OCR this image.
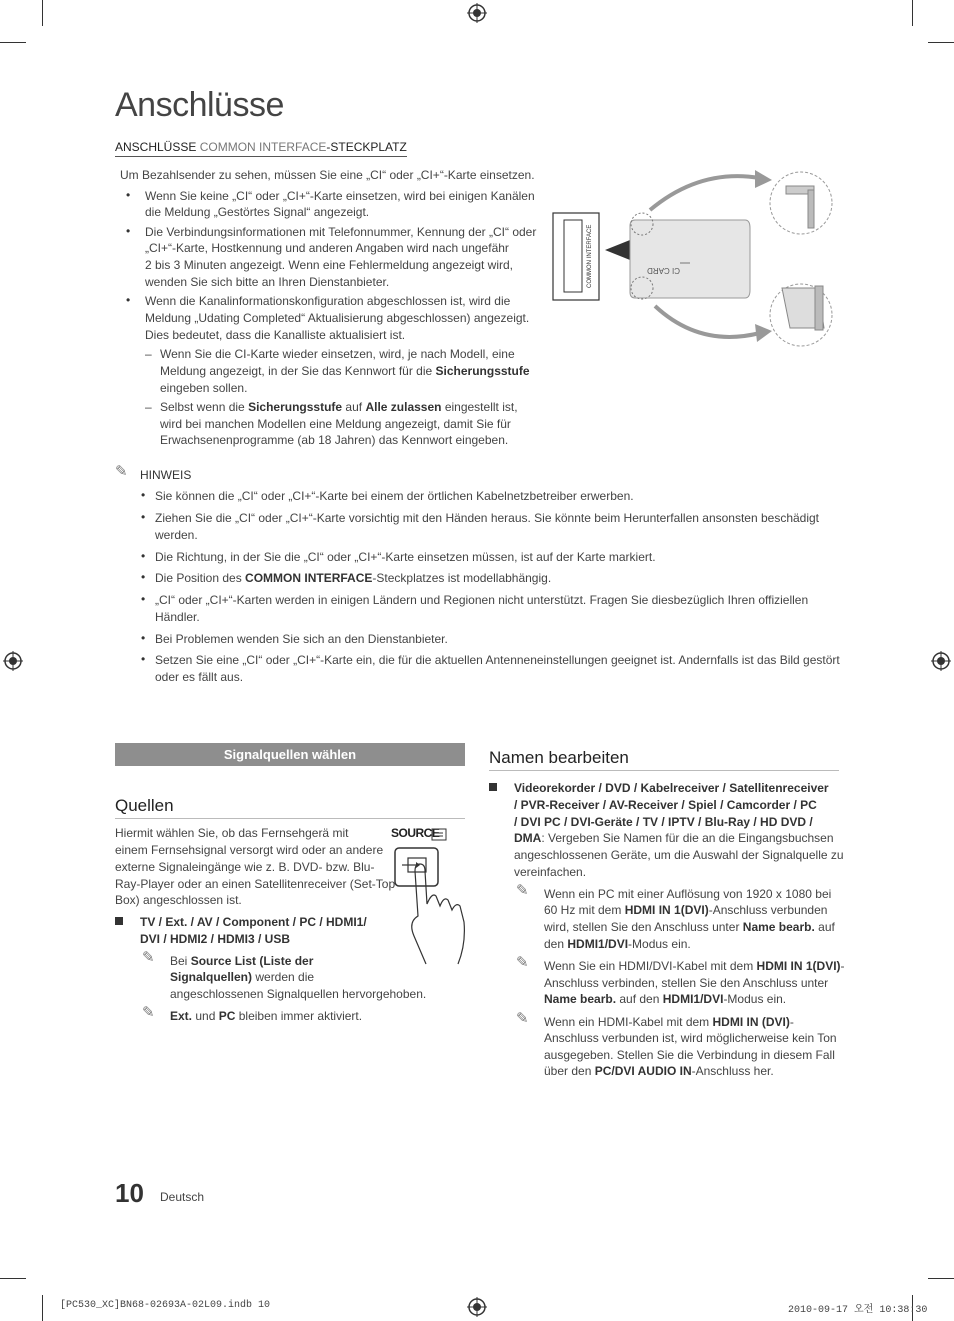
Anschlüsse
ANSCHLÜSSE COMMON INTERFACE-STECKPLATZ
Um Bezahlsender zu sehen, müssen Sie eine „CI“ oder „CI+“-Karte einsetzen.
• Wenn Sie keine „CI“ oder „CI+“-Karte einsetzen, wird bei einigen Kanälen
die Meldung „Gestörtes Signal“ angezeigt.
• Die Verbindungsinformationen mit Telefonnummer, Kennung der „CI“ oder
„CI+“-Karte, Hostkennung und anderen Angaben wird nach ungefähr
2 bis 3 Minuten angezeigt. Wenn eine Fehlermeldung angezeigt wird,
wenden Sie sich bitte an Ihren Dienstanbieter.
• Wenn die Kanalinformationskonfiguration abgeschlossen ist, wird die
Meldung „Udating Completed“ Aktualisierung abgeschlossen) angezeigt.
Dies bedeutet, dass die Kanalliste aktualisiert ist.
– Wenn Sie die CI-Karte wieder einsetzen, wird, je nach Modell, eine
Meldung angezeigt, in der Sie das Kennwort für die Sicherungsstufe
eingeben sollen.
– Selbst wenn die Sicherungsstufe auf Alle zulassen eingestellt ist,
wird bei manchen Modellen eine Meldung angezeigt, damit Sie für
Erwachsenenprogramme (ab 18 Jahren) das Kennwort eingeben.
COMMON INTERFACE	CI CARD
✎ HINWEIS
• Sie können die „CI“ oder „CI+“-Karte bei einem der örtlichen Kabelnetzbetreiber erwerben.
• Ziehen Sie die „CI“ oder „CI+“-Karte vorsichtig mit den Händen heraus. Sie könnte beim Herunterfallen ansonsten beschädigt
werden.
• Die Richtung, in der Sie die „CI“ oder „CI+“-Karte einsetzen müssen, ist auf der Karte markiert.
• Die Position des COMMON INTERFACE-Steckplatzes ist modellabhängig.
• „CI“ oder „CI+“-Karten werden in einigen Ländern und Regionen nicht unterstützt. Fragen Sie diesbezüglich Ihren offiziellen
Händler.
• Bei Problemen wenden Sie sich an den Dienstanbieter.
• Setzen Sie eine „CI“ oder „CI+“-Karte ein, die für die aktuellen Antenneneinstellungen geeignet ist. Andernfalls ist das Bild gestört
oder es fällt aus.
Signalquellen wählen
Quellen
Hiermit wählen Sie, ob das Fernsehgerä mit
einem Fernsehsignal versorgt wird oder an andere
externe Signaleingänge wie z. B. DVD- bzw. Blu-
Ray-Player oder an einen Satellitenreceiver (Set-Top
Box) angeschlossen ist.
SOURCE
TV / Ext. / AV / Component / PC / HDMI1/
DVI / HDMI2 / HDMI3 / USB
✎ Bei Source List (Liste der
Signalquellen) werden die
angeschlossenen Signalquellen hervorgehoben.
✎ Ext. und PC bleiben immer aktiviert.
Namen bearbeiten
Videorekorder / DVD / Kabelreceiver / Satellitenreceiver
/ PVR-Receiver / AV-Receiver / Spiel / Camcorder / PC
/ DVI PC / DVI-Geräte / TV / IPTV / Blu-Ray / HD DVD /
DMA: Vergeben Sie Namen für die an die Eingangsbuchsen
angeschlossenen Geräte, um die Auswahl der Signalquelle zu
vereinfachen.
✎ Wenn ein PC mit einer Auflösung von 1920 x 1080 bei
60 Hz mit dem HDMI IN 1(DVI)-Anschluss verbunden
wird, stellen Sie den Anschluss unter Name bearb. auf
den HDMI1/DVI-Modus ein.
✎ Wenn Sie ein HDMI/DVI-Kabel mit dem HDMI IN 1(DVI)-
Anschluss verbinden, stellen Sie den Anschluss unter
Name bearb. auf den HDMI1/DVI-Modus ein.
✎ Wenn ein HDMI-Kabel mit dem HDMI IN (DVI)-
Anschluss verbunden ist, wird möglicherweise kein Ton
ausgegeben. Stellen Sie die Verbindung in diesem Fall
über den PC/DVI AUDIO IN-Anschluss her.
10 Deutsch
[PC530_XC]BN68-02693A-02L09.indb 10	2010-09-17 오전 10:38:30
